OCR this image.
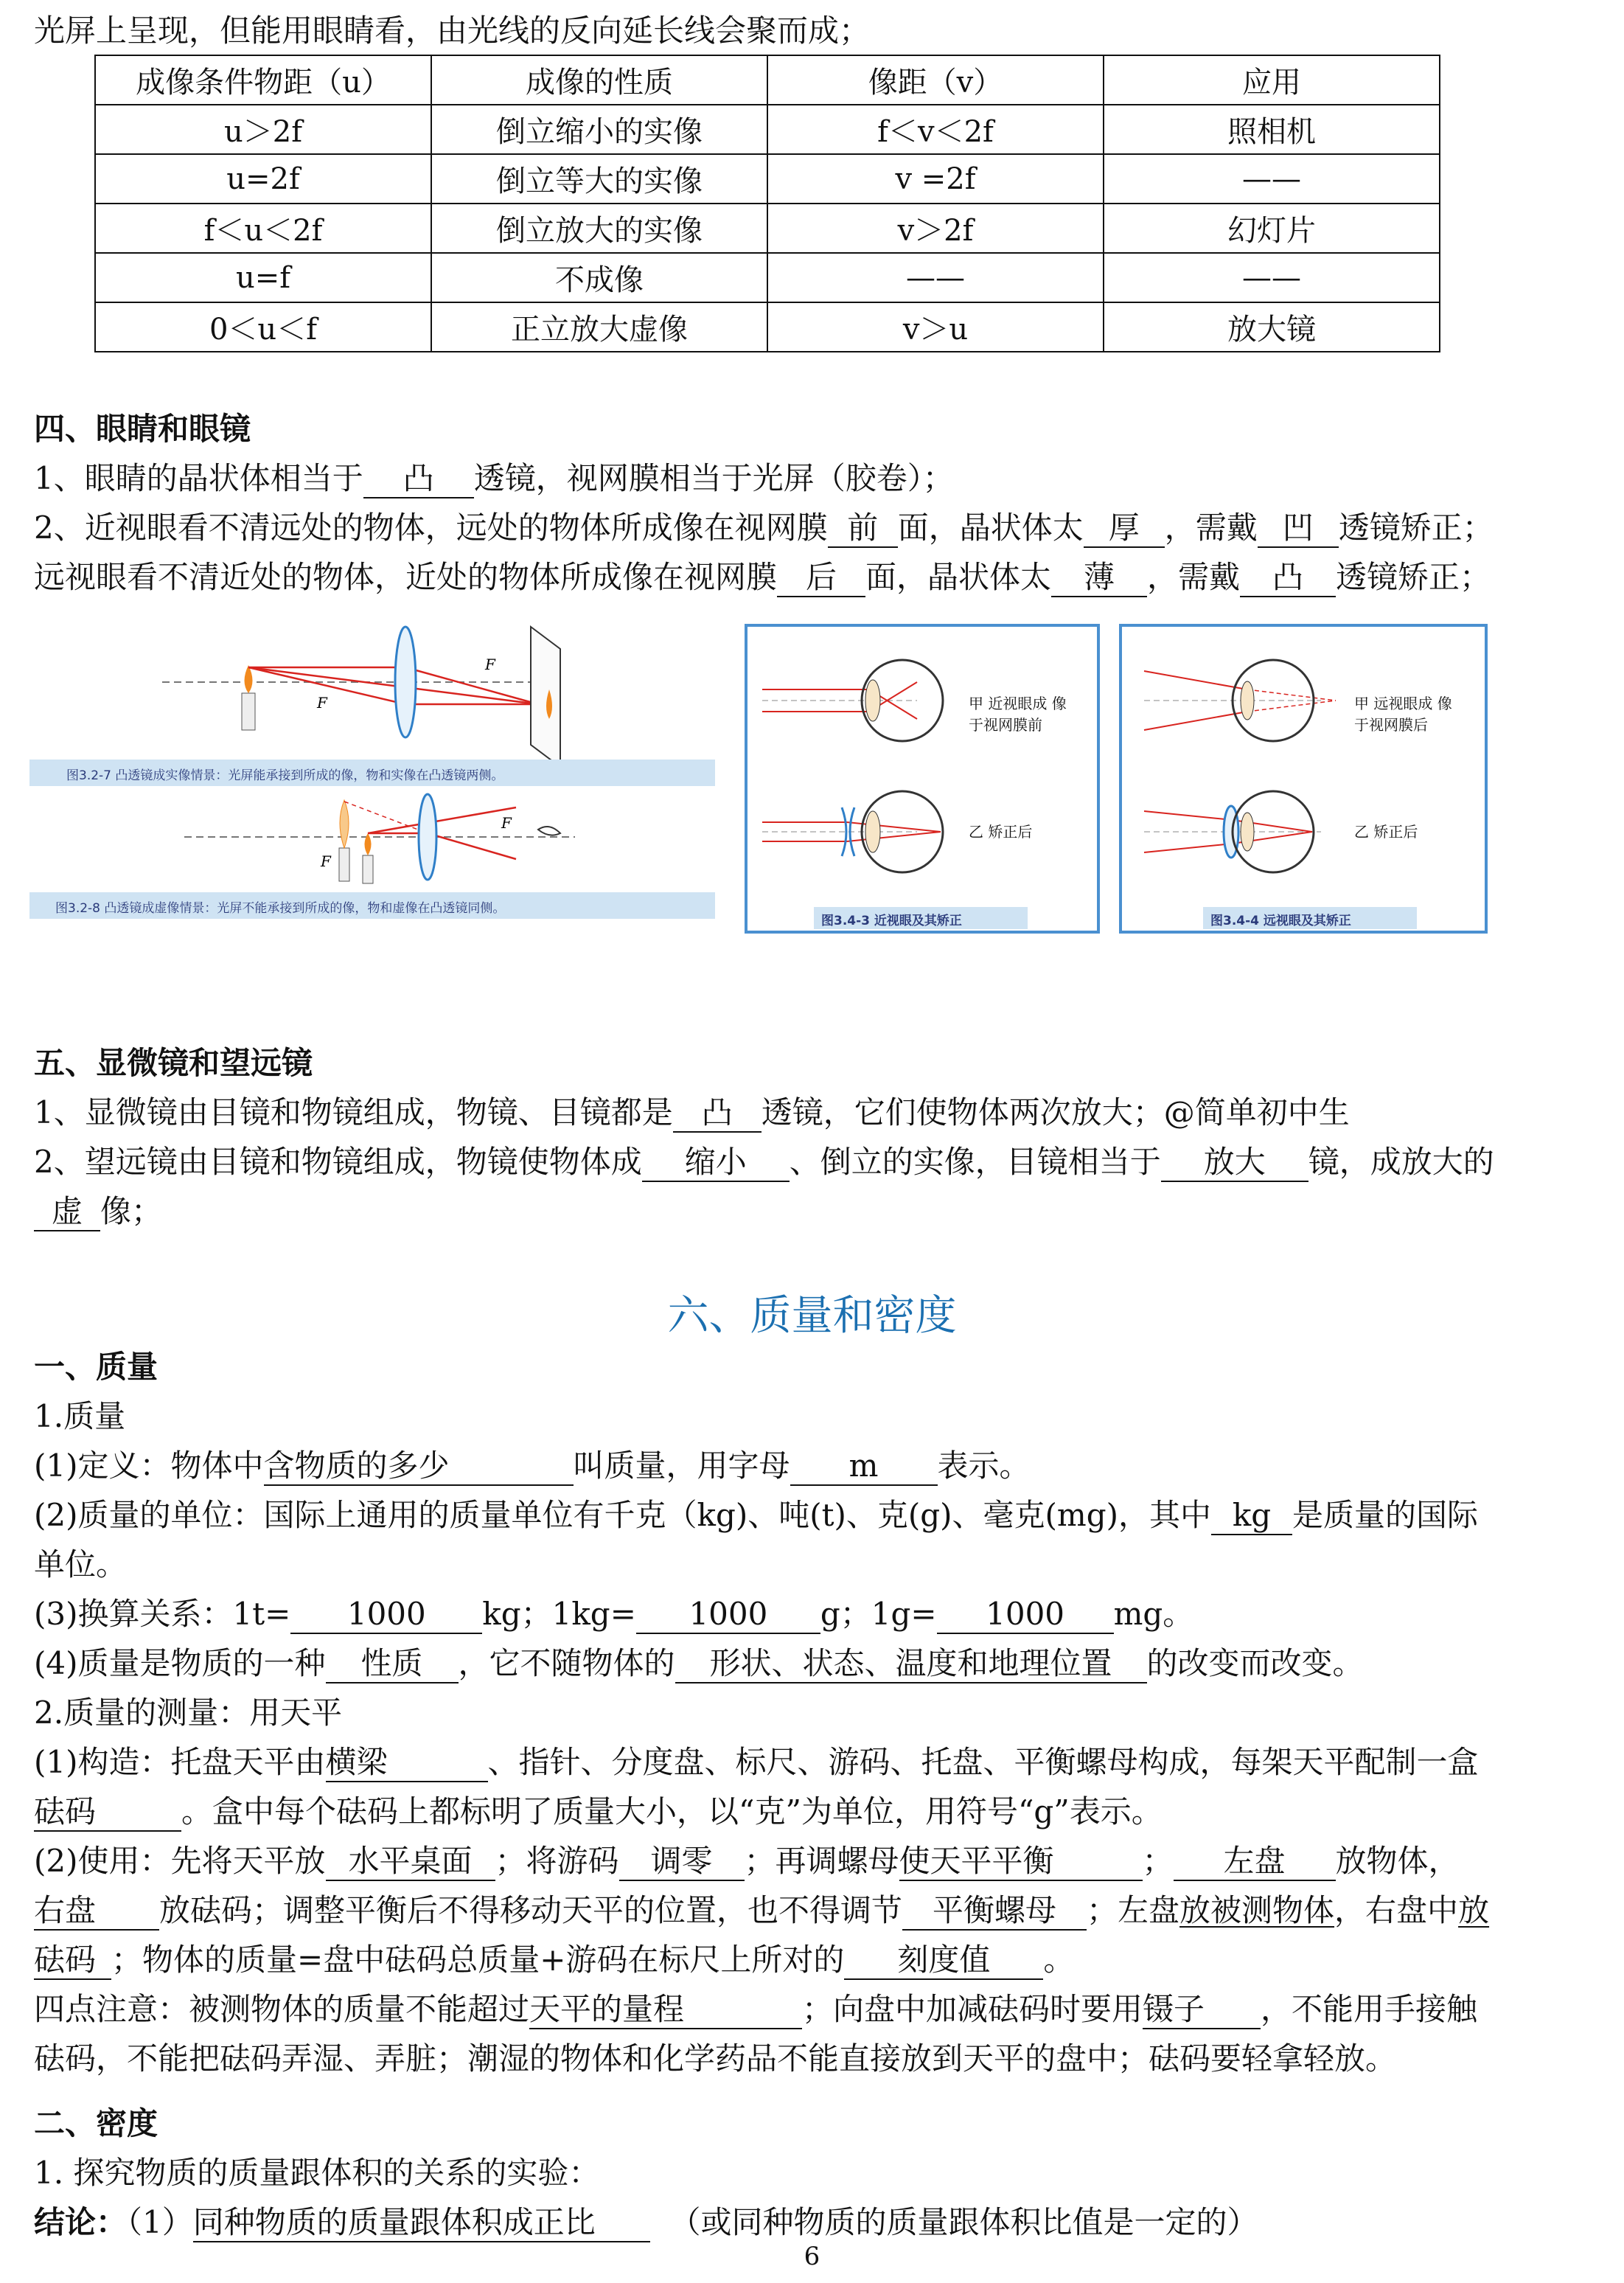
光屏上呈现，但能用眼睛看，由光线的反向延长线会聚而成；
成像条件物距（u）	成像的性质	像距（v）	应用
u＞2f	倒立缩小的实像	f＜v＜2f	照相机
u=2f	倒立等大的实像	v =2f	——
f＜u＜2f	倒立放大的实像	v＞2f	幻灯片
u=f	不成像	——	——
0＜u＜f	正立放大虚像	v＞u	放大镜
四、眼睛和眼镜
1、眼睛的晶状体相当于 凸 透镜，视网膜相当于光屏（胶卷）；
2、近视眼看不清远处的物体，远处的物体所成像在视网膜 前 面，晶状体太 厚 ，需戴 凹 透镜矫正；
远视眼看不清近处的物体，近处的物体所成像在视网膜 后 面，晶状体太 薄 ，需戴 凸 透镜矫正；
F
F
图3.2-7 凸透镜成实像情景：光屏能承接到所成的像，物和实像在凸透镜两侧。
F
F
图3.2-8 凸透镜成虚像情景：光屏不能承接到所成的像，物和虚像在凸透镜同侧。
甲 近视眼成 像于视网膜前
乙 矫正后
图3.4-3 近视眼及其矫正
甲 远视眼成 像于视网膜后
乙 矫正后
图3.4-4 远视眼及其矫正
五、显微镜和望远镜
1、显微镜由目镜和物镜组成，物镜、目镜都是 凸 透镜，它们使物体两次放大；@简单初中生
2、望远镜由目镜和物镜组成，物镜使物体成 缩小 、倒立的实像，目镜相当于 放大 镜，成放大的
虚 像；
六、质量和密度
一、质量
1.质量
(1)定义：物体中含物质的多少	叫质量，用字母 m 表示。
(2)质量的单位：国际上通用的质量单位有千克（kg)、吨(t)、克(g)、毫克(mg)，其中 kg 是质量的国际
单位。
(3)换算关系：1t= 1000 kg；1kg= 1000 g；1g= 1000 mg。
(4)质量是物质的一种 性质 ，它不随物体的 形状、状态、温度和地理位置 的改变而改变。
2.质量的测量：用天平
(1)构造：托盘天平由横梁	、指针、分度盘、标尺、游码、托盘、平衡螺母构成，每架天平配制一盒
砝码	。盒中每个砝码上都标明了质量大小，以“克”为单位，用符号“g”表示。
(2)使用：先将天平放 水平桌面 ；将游码 调零 ；再调螺母使天平平衡	； 左盘 放物体，
右盘 放砝码；调整平衡后不得移动天平的位置，也不得调节 平衡螺母 ；左盘放被测物体，右盘中放
砝码 ；物体的质量=盘中砝码总质量+游码在标尺上所对的 刻度值 。
四点注意：被测物体的质量不能超过天平的量程	；向盘中加减砝码时要用镊子 ，不能用手接触
砝码，不能把砝码弄湿、弄脏；潮湿的物体和化学药品不能直接放到天平的盘中；砝码要轻拿轻放。
二、密度
1. 探究物质的质量跟体积的关系的实验：
结论：（1）同种物质的质量跟体积成正比 （或同种物质的质量跟体积比值是一定的）
6
